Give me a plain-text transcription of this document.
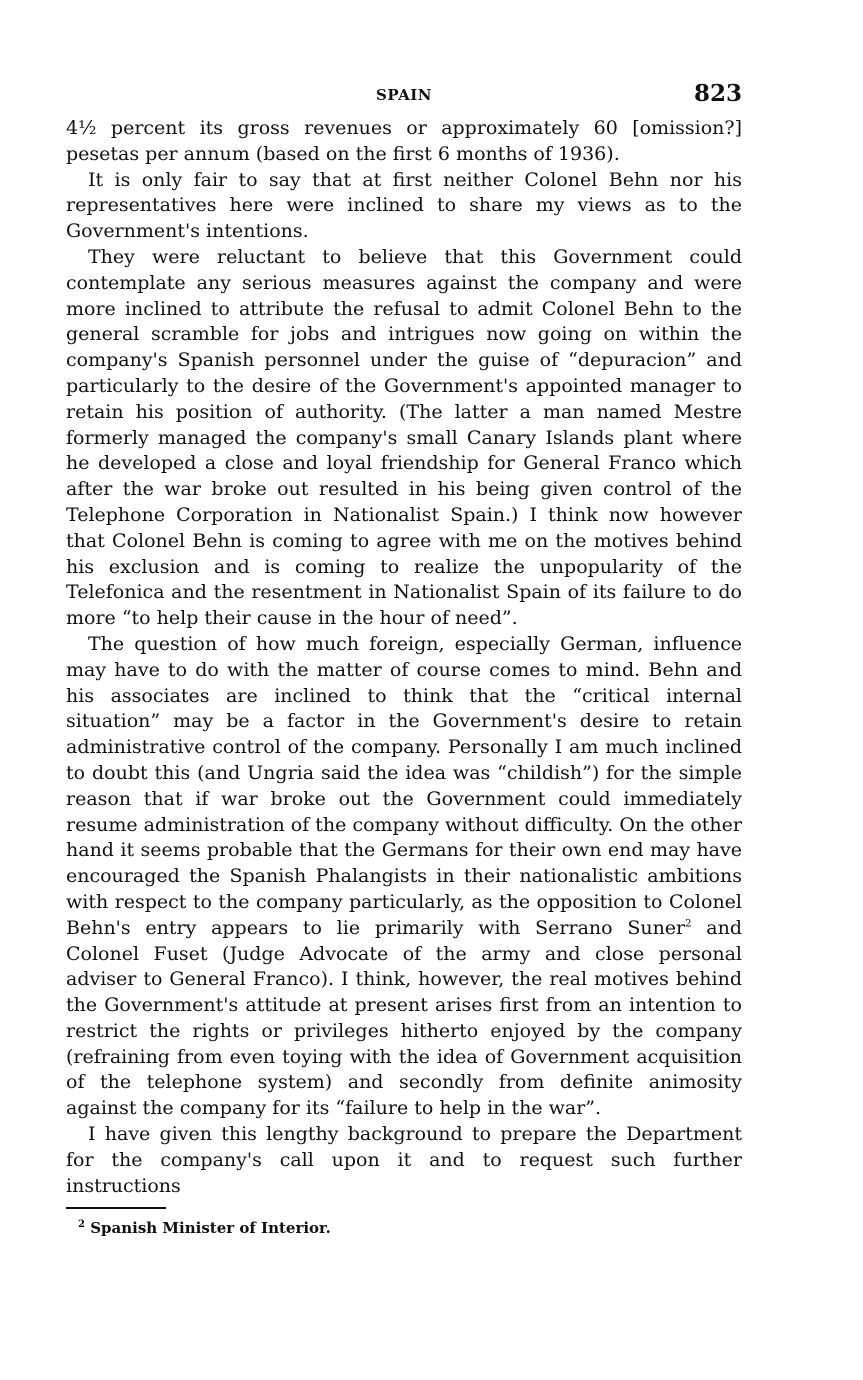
SPAIN	823

4½ percent its gross revenues or approximately 60 [omission?] pesetas per annum (based on the first 6 months of 1936).

It is only fair to say that at first neither Colonel Behn nor his representatives here were inclined to share my views as to the Government's intentions.

They were reluctant to believe that this Government could contemplate any serious measures against the company and were more inclined to attribute the refusal to admit Colonel Behn to the general scramble for jobs and intrigues now going on within the company's Spanish personnel under the guise of “depuracion” and particularly to the desire of the Government's appointed manager to retain his position of authority. (The latter a man named Mestre formerly managed the company's small Canary Islands plant where he developed a close and loyal friendship for General Franco which after the war broke out resulted in his being given control of the Telephone Corporation in Nationalist Spain.) I think now however that Colonel Behn is coming to agree with me on the motives behind his exclusion and is coming to realize the unpopularity of the Telefonica and the resentment in Nationalist Spain of its failure to do more “to help their cause in the hour of need”.

The question of how much foreign, especially German, influence may have to do with the matter of course comes to mind. Behn and his associates are inclined to think that the “critical internal situation” may be a factor in the Government's desire to retain administrative control of the company. Personally I am much inclined to doubt this (and Ungria said the idea was “childish”) for the simple reason that if war broke out the Government could immediately resume administration of the company without difficulty. On the other hand it seems probable that the Germans for their own end may have encouraged the Spanish Phalangists in their nationalistic ambitions with respect to the company particularly, as the opposition to Colonel Behn's entry appears to lie primarily with Serrano Suner$^2$ and Colonel Fuset (Judge Advocate of the army and close personal adviser to General Franco). I think, however, the real motives behind the Government's attitude at present arises first from an intention to restrict the rights or privileges hitherto enjoyed by the company (refraining from even toying with the idea of Government acquisition of the telephone system) and secondly from definite animosity against the company for its “failure to help in the war”.

I have given this lengthy background to prepare the Department for the company's call upon it and to request such further instructions

$^2$ Spanish Minister of Interior.
